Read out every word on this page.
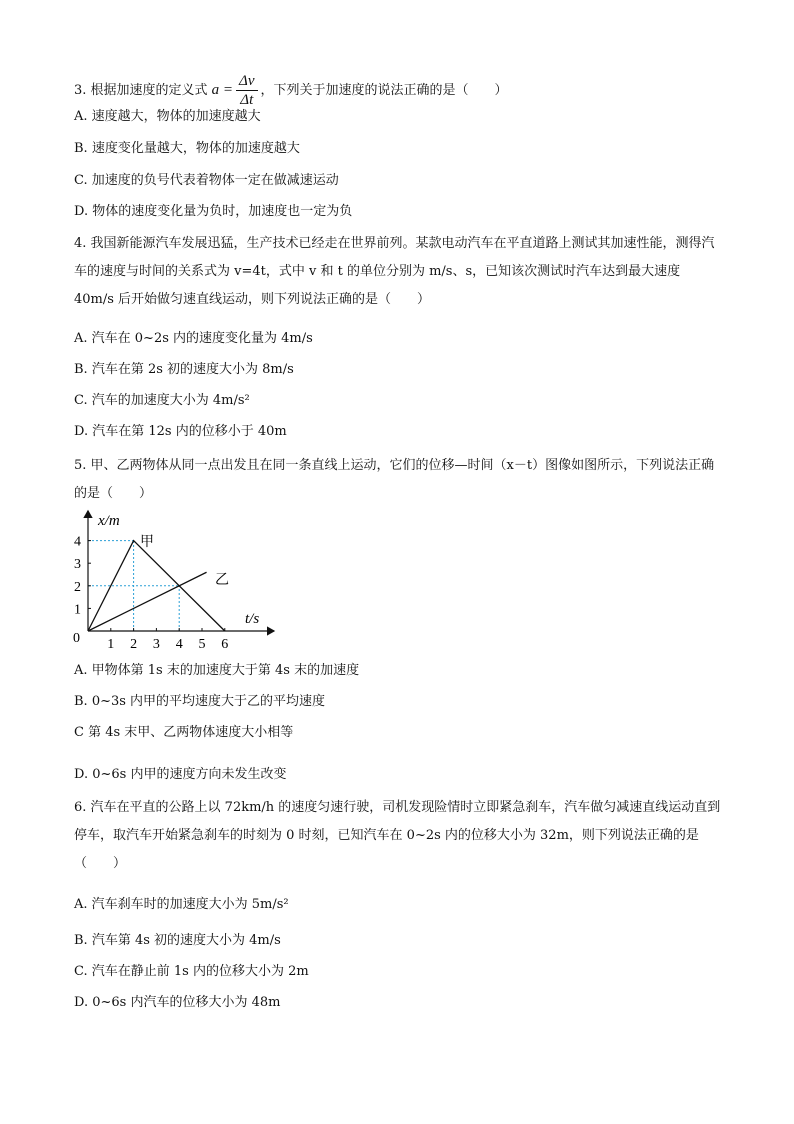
3. 根据加速度的定义式 $a = \frac{\Delta v}{\Delta t}$ ，下列关于加速度的说法正确的是（　　）
A. 速度越大，物体的加速度越大
B. 速度变化量越大，物体的加速度越大
C. 加速度的负号代表着物体一定在做减速运动
D. 物体的速度变化量为负时，加速度也一定为负
4. 我国新能源汽车发展迅猛，生产技术已经走在世界前列。某款电动汽车在平直道路上测试其加速性能，测得汽车的速度与时间的关系式为 v=4t，式中 v 和 t 的单位分别为 m/s、s，已知该次测试时汽车达到最大速度 40m/s 后开始做匀速直线运动，则下列说法正确的是（　　）
A. 汽车在 0~2s 内的速度变化量为 4m/s
B. 汽车在第 2s 初的速度大小为 8m/s
C. 汽车的加速度大小为 4m/s²
D. 汽车在第 12s 内的位移小于 40m
5. 甲、乙两物体从同一点出发且在同一条直线上运动，它们的位移—时间（x－t）图像如图所示，下列说法正确的是（　　）
1 2 3 4 5 6
1
2
3
4
x/m
t/s
0
甲
乙
A. 甲物体第 1s 末的加速度大于第 4s 末的加速度
B. 0~3s 内甲的平均速度大于乙的平均速度
C 第 4s 末甲、乙两物体速度大小相等
D. 0~6s 内甲的速度方向未发生改变
6. 汽车在平直的公路上以 72km/h 的速度匀速行驶，司机发现险情时立即紧急刹车，汽车做匀减速直线运动直到停车，取汽车开始紧急刹车的时刻为 0 时刻，已知汽车在 0~2s 内的位移大小为 32m，则下列说法正确的是（　　）
A. 汽车刹车时的加速度大小为 5m/s²
B. 汽车第 4s 初的速度大小为 4m/s
C. 汽车在静止前 1s 内的位移大小为 2m
D. 0~6s 内汽车的位移大小为 48m
